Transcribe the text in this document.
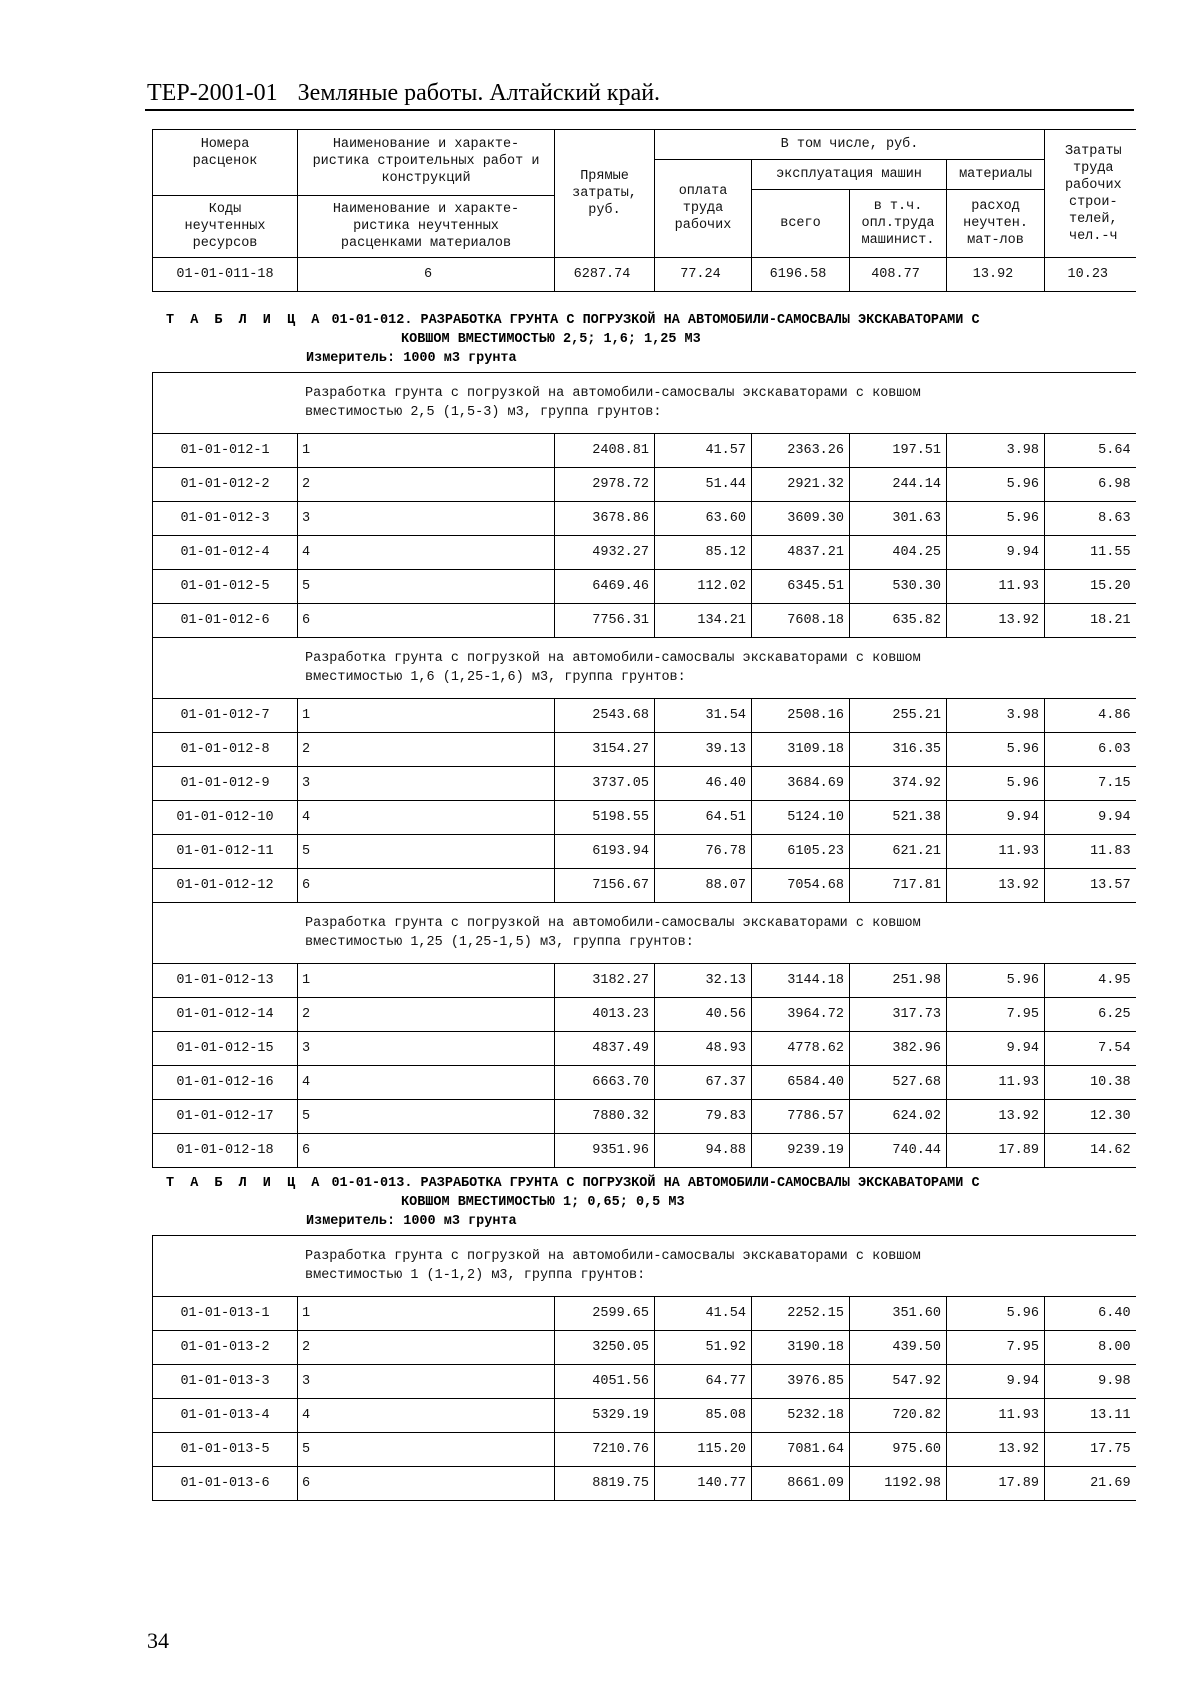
ТЕР-2001-01 Земляные работы. Алтайский край.
Номера расценок	Наименование и характе- ристика строительных работ и конструкций	Прямые затраты, руб.	В том числе, руб.				Затраты труда рабочих строи- телей, чел.-ч
			оплата труда рабочих	эксплуатация машин		материалы	
				всего	в т.ч. опл.труда машинист.	расход неучтен. мат-лов	
Коды неучтенных ресурсов	Наименование и характе- ристика неучтенных расценками материалов						

01-01-011-18	6	6287.74	77.24	6196.58	408.77	13.92	10.23
Т А Б Л И Ц А 01-01-012. РАЗРАБОТКА ГРУНТА С ПОГРУЗКОЙ НА АВТОМОБИЛИ-САМОСВАЛЫ ЭКСКАВАТОРАМИ С
КОВШОМ ВМЕСТИМОСТЬЮ 2,5; 1,6; 1,25 М3
Измеритель: 1000 м3 грунта
Разработка грунта с погрузкой на автомобили-самосвалы экскаваторами с ковшом
вместимостью 2,5 (1,5-3) м3, группа грунтов:							
01-01-012-1	1	2408.81	41.57	2363.26	197.51	3.98	5.64
01-01-012-2	2	2978.72	51.44	2921.32	244.14	5.96	6.98
01-01-012-3	3	3678.86	63.60	3609.30	301.63	5.96	8.63
01-01-012-4	4	4932.27	85.12	4837.21	404.25	9.94	11.55
01-01-012-5	5	6469.46	112.02	6345.51	530.30	11.93	15.20
01-01-012-6	6	7756.31	134.21	7608.18	635.82	13.92	18.21
Разработка грунта с погрузкой на автомобили-самосвалы экскаваторами с ковшом
вместимостью 1,6 (1,25-1,6) м3, группа грунтов:							
01-01-012-7	1	2543.68	31.54	2508.16	255.21	3.98	4.86
01-01-012-8	2	3154.27	39.13	3109.18	316.35	5.96	6.03
01-01-012-9	3	3737.05	46.40	3684.69	374.92	5.96	7.15
01-01-012-10	4	5198.55	64.51	5124.10	521.38	9.94	9.94
01-01-012-11	5	6193.94	76.78	6105.23	621.21	11.93	11.83
01-01-012-12	6	7156.67	88.07	7054.68	717.81	13.92	13.57
Разработка грунта с погрузкой на автомобили-самосвалы экскаваторами с ковшом
вместимостью 1,25 (1,25-1,5) м3, группа грунтов:							
01-01-012-13	1	3182.27	32.13	3144.18	251.98	5.96	4.95
01-01-012-14	2	4013.23	40.56	3964.72	317.73	7.95	6.25
01-01-012-15	3	4837.49	48.93	4778.62	382.96	9.94	7.54
01-01-012-16	4	6663.70	67.37	6584.40	527.68	11.93	10.38
01-01-012-17	5	7880.32	79.83	7786.57	624.02	13.92	12.30
01-01-012-18	6	9351.96	94.88	9239.19	740.44	17.89	14.62
Т А Б Л И Ц А 01-01-013. РАЗРАБОТКА ГРУНТА С ПОГРУЗКОЙ НА АВТОМОБИЛИ-САМОСВАЛЫ ЭКСКАВАТОРАМИ С
КОВШОМ ВМЕСТИМОСТЬЮ 1; 0,65; 0,5 М3
Измеритель: 1000 м3 грунта
Разработка грунта с погрузкой на автомобили-самосвалы экскаваторами с ковшом
вместимостью 1 (1-1,2) м3, группа грунтов:							
01-01-013-1	1	2599.65	41.54	2252.15	351.60	5.96	6.40
01-01-013-2	2	3250.05	51.92	3190.18	439.50	7.95	8.00
01-01-013-3	3	4051.56	64.77	3976.85	547.92	9.94	9.98
01-01-013-4	4	5329.19	85.08	5232.18	720.82	11.93	13.11
01-01-013-5	5	7210.76	115.20	7081.64	975.60	13.92	17.75
01-01-013-6	6	8819.75	140.77	8661.09	1192.98	17.89	21.69
34
